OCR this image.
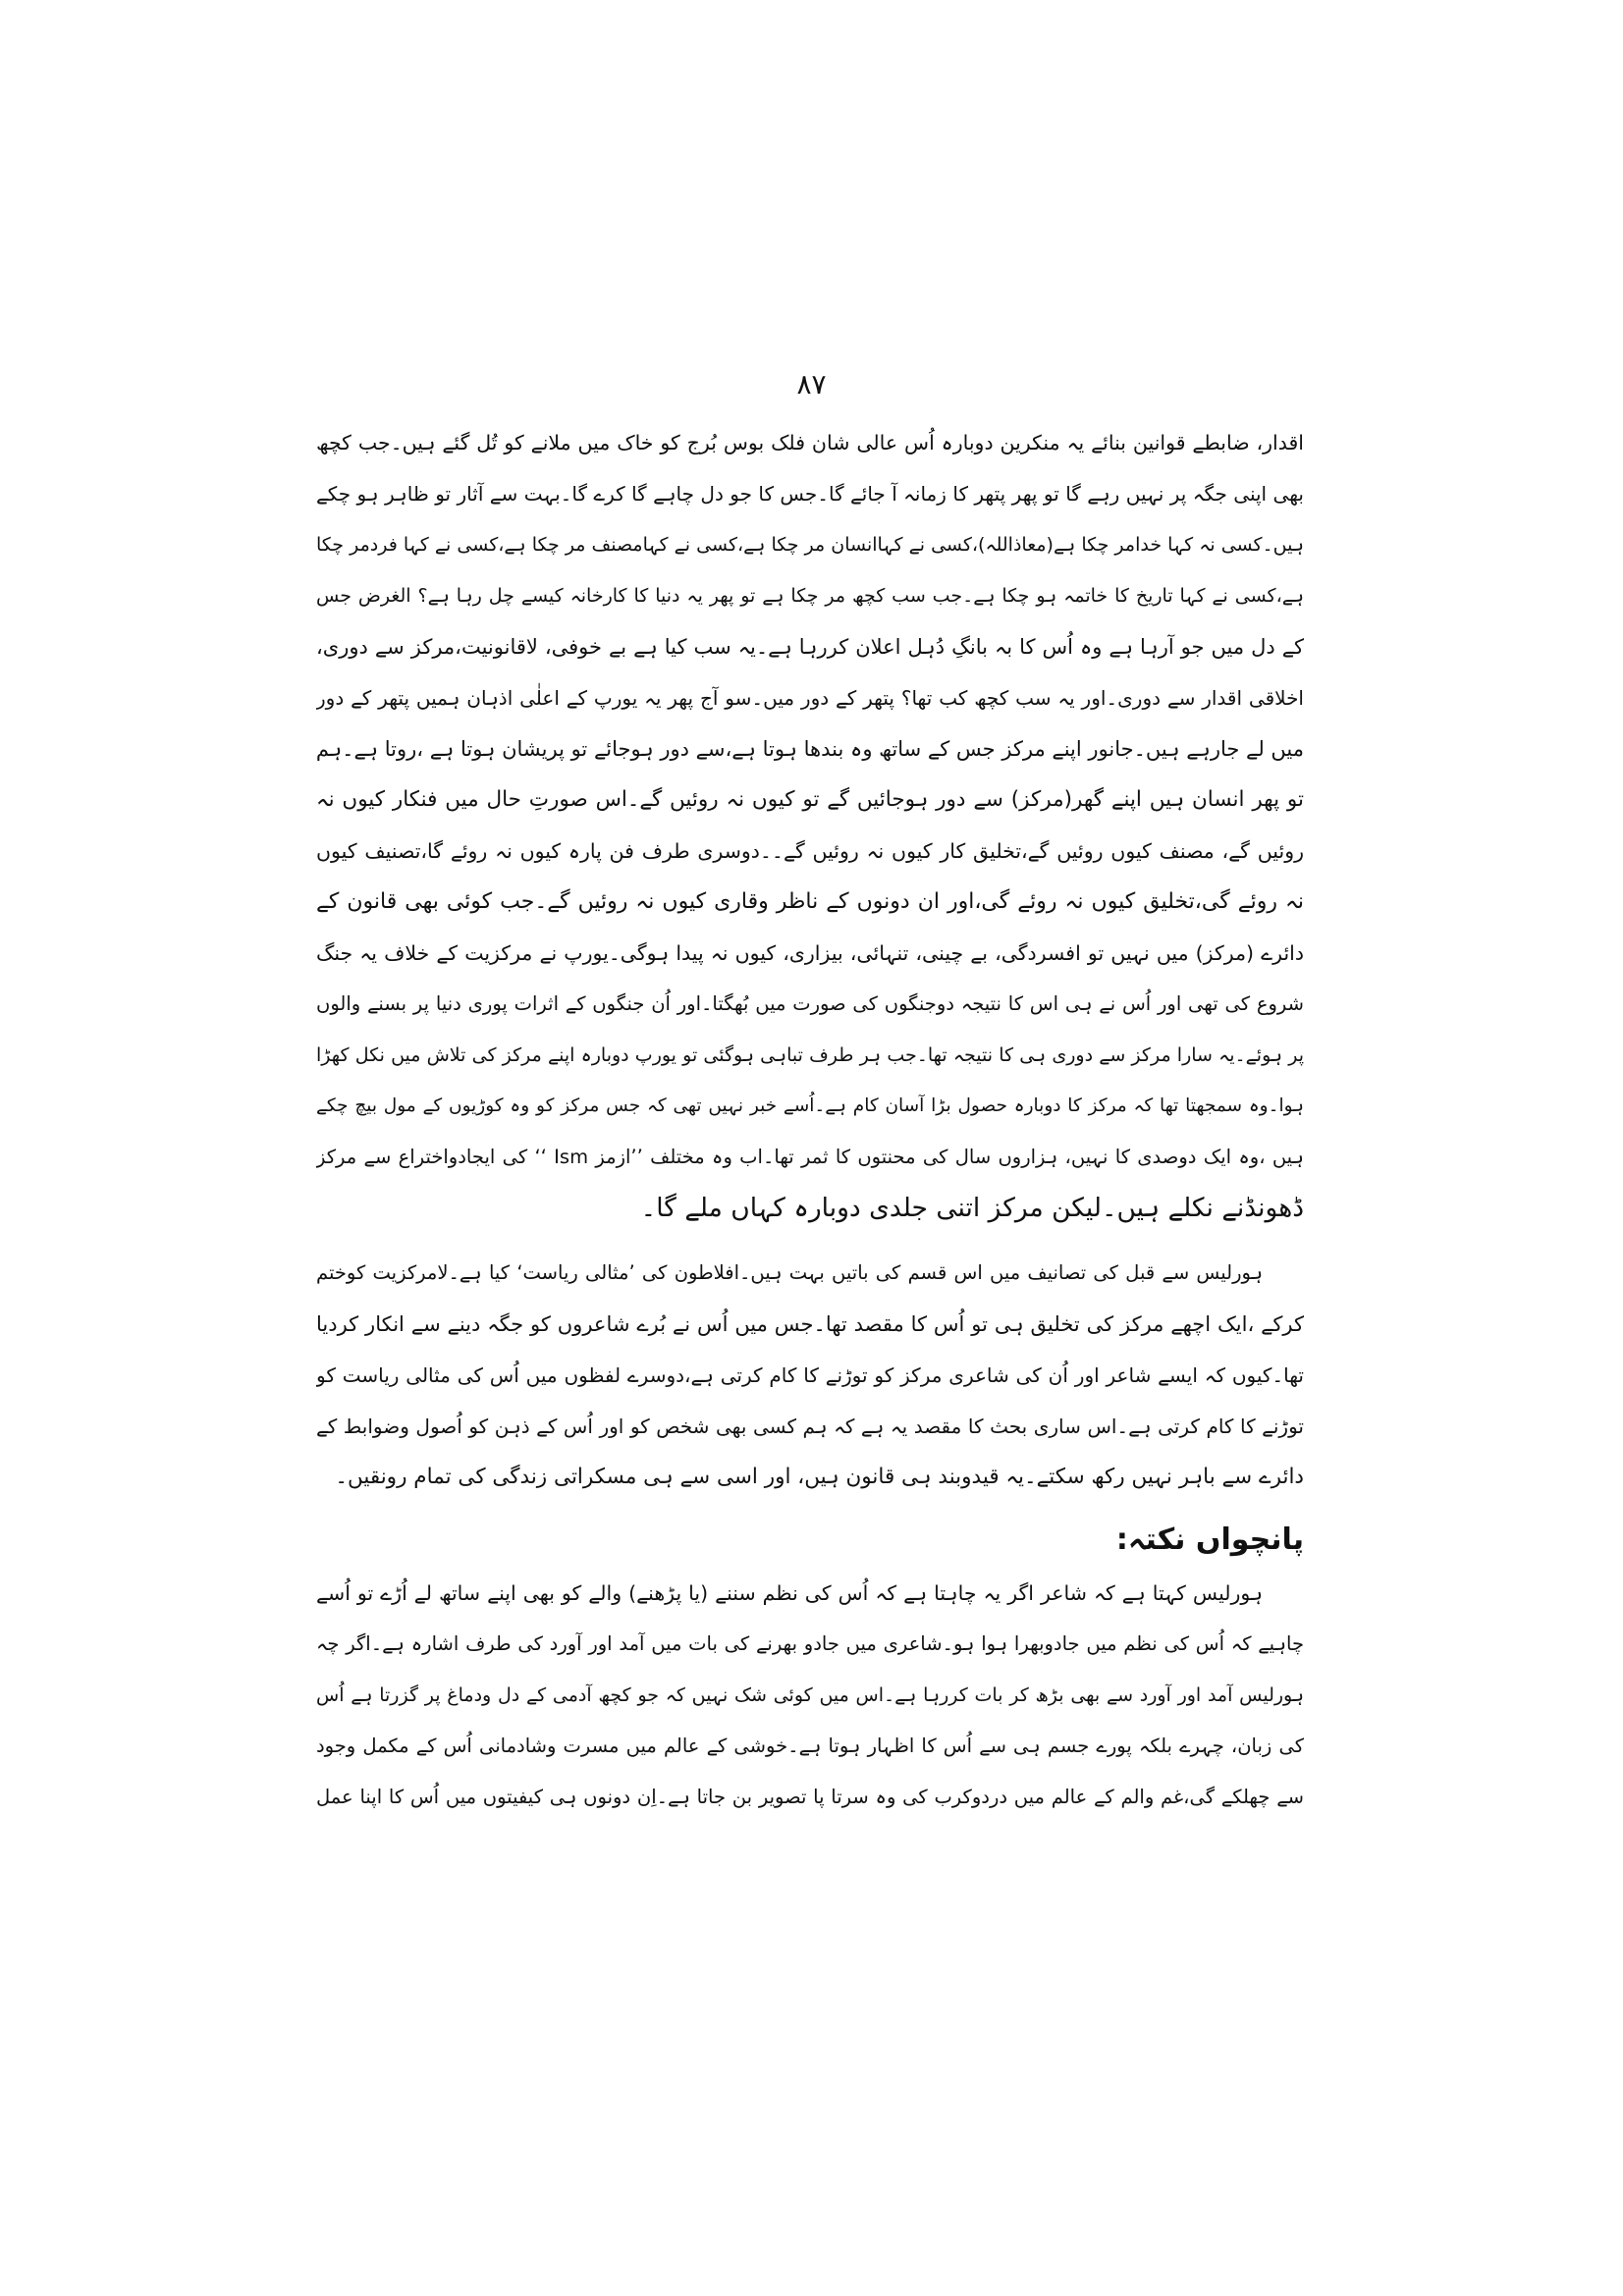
۸۷
اقدار، ضابطے قوانین بنائے یہ منکرین دوبارہ اُس عالی شان فلک بوس بُرج کو خاک میں ملانے کو تُل گئے ہیں۔جب کچھ
بھی اپنی جگہ پر نہیں رہے گا تو پھر پتھر کا زمانہ آ جائے گا۔جس کا جو دل چاہے گا کرے گا۔بہت سے آثار تو ظاہر ہو چکے
ہیں۔کسی نہ کہا خدامر چکا ہے(معاذاللہ)،کسی نے کہاانسان مر چکا ہے،کسی نے کہامصنف مر چکا ہے،کسی نے کہا فردمر چکا
ہے،کسی نے کہا تاریخ کا خاتمہ ہو چکا ہے۔جب سب کچھ مر چکا ہے تو پھر یہ دنیا کا کارخانہ کیسے چل رہا ہے؟ الغرض جس
کے دل میں جو آرہا ہے وہ اُس کا بہ بانگِ دُہل اعلان کررہا ہے۔یہ سب کیا ہے بے خوفی، لاقانونیت،مرکز سے دوری،
اخلاقی اقدار سے دوری۔اور یہ سب کچھ کب تھا؟ پتھر کے دور میں۔سو آج پھر یہ یورپ کے اعلٰی اذہان ہمیں پتھر کے دور
میں لے جارہے ہیں۔جانور اپنے مرکز جس کے ساتھ وہ بندھا ہوتا ہے،سے دور ہوجائے تو پریشان ہوتا ہے ،روتا ہے۔ہم
تو پھر انسان ہیں اپنے گھر(مرکز) سے دور ہوجائیں گے تو کیوں نہ روئیں گے۔اس صورتِ حال میں فنکار کیوں نہ
روئیں گے، مصنف کیوں روئیں گے،تخلیق کار کیوں نہ روئیں گے۔۔دوسری طرف فن پارہ کیوں نہ روئے گا،تصنیف کیوں
نہ روئے گی،تخلیق کیوں نہ روئے گی،اور ان دونوں کے ناظر وقاری کیوں نہ روئیں گے۔جب کوئی بھی قانون کے
دائرے (مرکز) میں نہیں تو افسردگی، بے چینی، تنہائی، بیزاری، کیوں نہ پیدا ہوگی۔یورپ نے مرکزیت کے خلاف یہ جنگ
شروع کی تھی اور اُس نے ہی اس کا نتیجہ دوجنگوں کی صورت میں بُھگتا۔اور اُن جنگوں کے اثرات پوری دنیا پر بسنے والوں
پر ہوئے۔یہ سارا مرکز سے دوری ہی کا نتیجہ تھا۔جب ہر طرف تباہی ہوگئی تو یورپ دوبارہ اپنے مرکز کی تلاش میں نکل کھڑا
ہوا۔وہ سمجھتا تھا کہ مرکز کا دوبارہ حصول بڑا آسان کام ہے۔اُسے خبر نہیں تھی کہ جس مرکز کو وہ کوڑیوں کے مول بیچ چکے
ہیں ،وہ ایک دوصدی کا نہیں، ہزاروں سال کی محنتوں کا ثمر تھا۔اب وہ مختلف ’’ازمز Ism ‘‘ کی ایجادواختراع سے مرکز
ڈھونڈنے نکلے ہیں۔لیکن مرکز اتنی جلدی دوبارہ کہاں ملے گا۔
ہورلیس سے قبل کی تصانیف میں اس قسم کی باتیں بہت ہیں۔افلاطون کی ’مثالی ریاست‘ کیا ہے۔لامرکزیت کوختم
کرکے ،ایک اچھے مرکز کی تخلیق ہی تو اُس کا مقصد تھا۔جس میں اُس نے بُرے شاعروں کو جگہ دینے سے انکار کردیا
تھا۔کیوں کہ ایسے شاعر اور اُن کی شاعری مرکز کو توڑنے کا کام کرتی ہے،دوسرے لفظوں میں اُس کی مثالی ریاست کو
توڑنے کا کام کرتی ہے۔اس ساری بحث کا مقصد یہ ہے کہ ہم کسی بھی شخص کو اور اُس کے ذہن کو اُصول وضوابط کے
دائرے سے باہر نہیں رکھ سکتے۔یہ قیدوبند ہی قانون ہیں، اور اسی سے ہی مسکراتی زندگی کی تمام رونقیں۔
پانچواں نکتہ:
ہورلیس کہتا ہے کہ شاعر اگر یہ چاہتا ہے کہ اُس کی نظم سننے (یا پڑھنے) والے کو بھی اپنے ساتھ لے اُڑے تو اُسے
چاہیے کہ اُس کی نظم میں جادوبھرا ہوا ہو۔شاعری میں جادو بھرنے کی بات میں آمد اور آورد کی طرف اشارہ ہے۔اگر چہ
ہورلیس آمد اور آورد سے بھی بڑھ کر بات کررہا ہے۔اس میں کوئی شک نہیں کہ جو کچھ آدمی کے دل ودماغ پر گزرتا ہے اُس
کی زبان، چہرے بلکہ پورے جسم ہی سے اُس کا اظہار ہوتا ہے۔خوشی کے عالم میں مسرت وشادمانی اُس کے مکمل وجود
سے چھلکے گی،غم والم کے عالم میں دردوکرب کی وہ سرتا پا تصویر بن جاتا ہے۔اِن دونوں ہی کیفیتوں میں اُس کا اپنا عمل
